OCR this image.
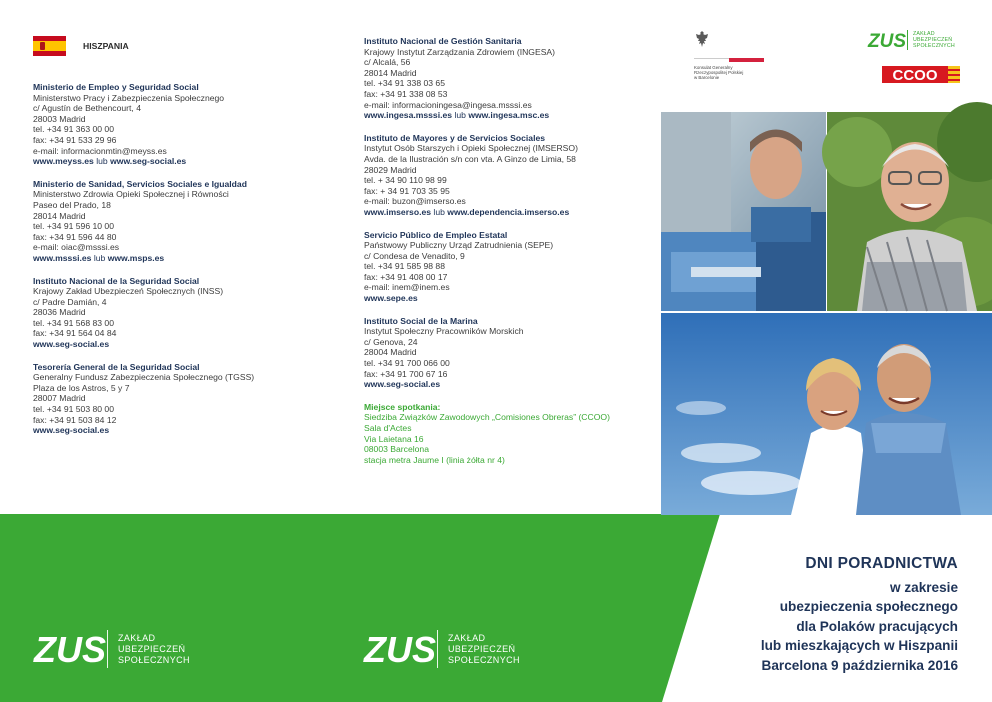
HISZPANIA
Ministerio de Empleo y Seguridad Social
Ministerstwo Pracy i Zabezpieczenia Społecznego
c/ Agustín de Bethencourt, 4
28003 Madrid
tel. +34 91 363 00 00
fax: +34 91 533 29 96
e-mail: informacionmtin@meyss.es
www.meyss.es lub www.seg-social.es
Ministerio de Sanidad, Servicios Sociales e Igualdad
Ministerstwo Zdrowia Opieki Społecznej i Równości
Paseo del Prado, 18
28014 Madrid
tel. +34 91 596 10 00
fax: +34 91 596 44 80
e-mail: oiac@msssi.es
www.msssi.es lub www.msps.es
Instituto Nacional de la Seguridad Social
Krajowy Zakład Ubezpieczeń Społecznych (INSS)
c/ Padre Damián, 4
28036 Madrid
tel. +34 91 568 83 00
fax: +34 91 564 04 84
www.seg-social.es
Tesorería General de la Seguridad Social
Generalny Fundusz Zabezpieczenia Społecznego (TGSS)
Plaza de los Astros, 5 y 7
28007 Madrid
tel. +34 91 503 80 00
fax: +34 91 503 84 12
www.seg-social.es
Instituto Nacional de Gestión Sanitaria
Krajowy Instytut Zarządzania Zdrowiem (INGESA)
c/ Alcalá, 56
28014 Madrid
tel. +34 91 338 03 65
fax: +34 91 338 08 53
e-mail: informacioningesa@ingesa.msssi.es
www.ingesa.msssi.es lub www.ingesa.msc.es
Instituto de Mayores y de Servicios Sociales
Instytut Osób Starszych i Opieki Społecznej (IMSERSO)
Avda. de la Ilustración s/n con vta. A Ginzo de Limia, 58
28029 Madrid
tel. + 34 90 110 98 99
fax: + 34 91 703 35 95
e-mail: buzon@imserso.es
www.imserso.es lub www.dependencia.imserso.es
Servicio Público de Empleo Estatal
Państwowy Publiczny Urząd Zatrudnienia (SEPE)
c/ Condesa de Venadito, 9
tel. +34 91 585 98 88
fax: +34 91 408 00 17
e-mail: inem@inem.es
www.sepe.es
Instituto Social de la Marina
Instytut Społeczny Pracowników Morskich
c/ Genova, 24
28004 Madrid
tel. +34 91 700 066 00
fax: +34 91 700 67 16
www.seg-social.es
Miejsce spotkania:
Siedziba Związków Zawodowych „Comisiones Obreras” (CCOO)
Sala d'Actes
Via Laietana 16
08003 Barcelona
stacja metra Jaume I (linia żółta nr 4)
Konsulat Generalny
Rzeczypospolitej Polskiej
w Barcelonie
ZUS ZAKŁAD
UBEZPIECZEŃ
SPOŁECZNYCH
CCOO
ZUS ZAKŁAD
UBEZPIECZEŃ
SPOŁECZNYCH	ZUS ZAKŁAD
UBEZPIECZEŃ
SPOŁECZNYCH
DNI PORADNICTWA
w zakresie
ubezpieczenia społecznego
dla Polaków pracujących
lub mieszkających w Hiszpanii
Barcelona 9 października 2016
